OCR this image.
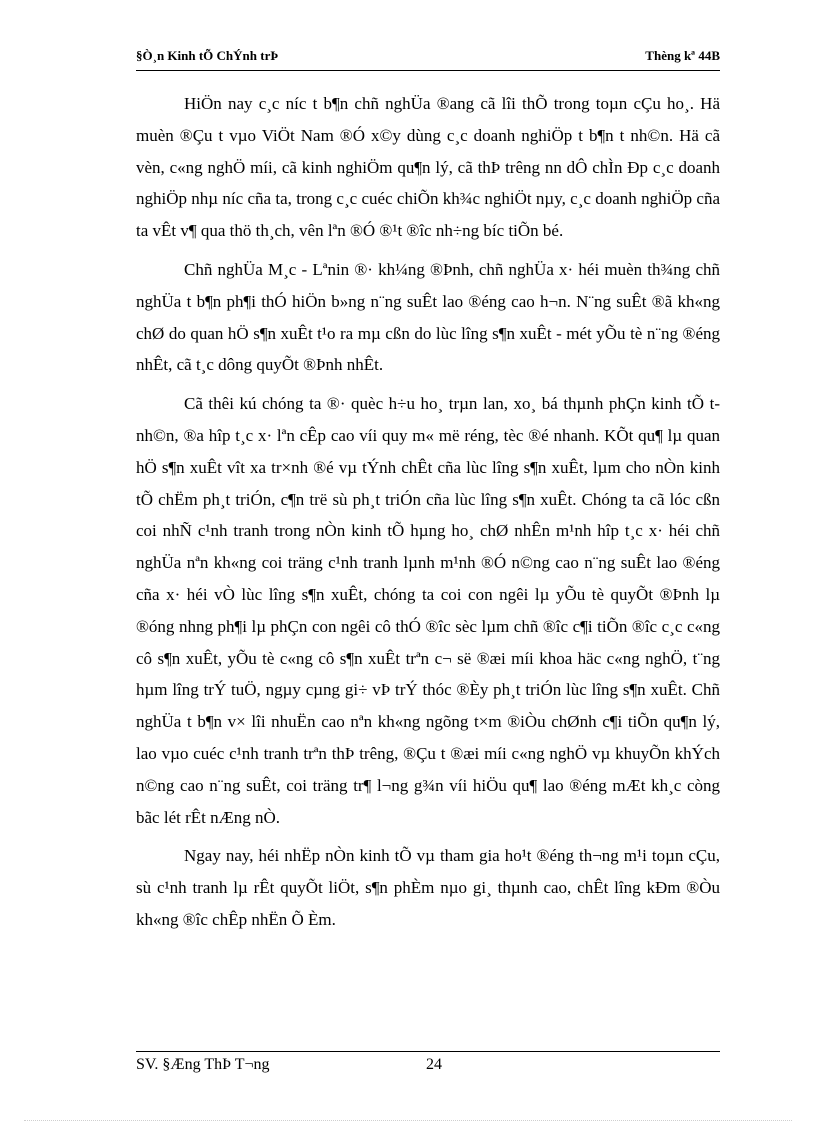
§Ò¸n Kinh tÕ ChÝnh trÞ	Thèng kª 44B

HiÖn nay c¸c níc t b¶n chñ nghÜa ®ang cã lîi thÕ trong toµn cÇu ho¸. Hä muèn ®Çu t vµo ViÖt Nam ®Ó x©y dùng c¸c doanh nghiÖp t b¶n t nh©n. Hä cã vèn, c«ng nghÖ míi, cã kinh nghiÖm qu¶n lý, cã thÞ trêng nn dÔ chÌn Ðp c¸c doanh nghiÖp nhµ níc cña ta, trong c¸c cuéc chiÕn kh¾c nghiÖt nµy, c¸c doanh nghiÖp cña ta vÊt v¶ qua thö th¸ch, vên lªn ®Ó ®¹t ®îc nh÷ng bíc tiÕn bé.

Chñ nghÜa M¸c - Lªnin ®· kh¼ng ®Þnh, chñ nghÜa x· héi muèn th¾ng chñ nghÜa t b¶n ph¶i thÓ hiÖn b»ng n¨ng suÊt lao ®éng cao h¬n. N¨ng suÊt ®ã kh«ng chØ do quan hÖ s¶n xuÊt t¹o ra mµ cßn do lùc lîng s¶n xuÊt - mét yÕu tè n¨ng ®éng nhÊt, cã t¸c dông quyÕt ®Þnh nhÊt.

Cã thêi kú chóng ta ®· quèc h÷u ho¸ trµn lan, xo¸ bá thµnh phÇn kinh tÕ t nh©n, ®a hîp t¸c x· lªn cÊp cao víi quy m« më réng, tèc ®é nhanh. KÕt qu¶ lµ quan hÖ s¶n xuÊt vît xa tr×nh ®é vµ tÝnh chÊt cña lùc lîng s¶n xuÊt, lµm cho nÒn kinh tÕ chËm ph¸t triÓn, c¶n trë sù ph¸t triÓn cña lùc lîng s¶n xuÊt. Chóng ta cã lóc cßn coi nhÑ c¹nh tranh trong nÒn kinh tÕ hµng ho¸ chØ nhÊn m¹nh hîp t¸c x· héi chñ nghÜa nªn kh«ng coi träng c¹nh tranh lµnh m¹nh ®Ó n©ng cao n¨ng suÊt lao ®éng cña x· héi vÒ lùc lîng s¶n xuÊt, chóng ta coi con ngêi lµ yÕu tè quyÕt ®Þnh lµ ®óng nhng ph¶i lµ phÇn con ngêi cô thÓ ®îc sèc lµm chñ ®îc c¶i tiÕn ®îc c¸c c«ng cô s¶n xuÊt, yÕu tè c«ng cô s¶n xuÊt trªn c¬ së ®æi míi khoa häc c«ng nghÖ, t¨ng hµm lîng trÝ tuÖ, ngµy cµng gi÷ vÞ trÝ thóc ®Èy ph¸t triÓn lùc lîng s¶n xuÊt. Chñ nghÜa t b¶n v× lîi nhuËn cao nªn kh«ng ngõng t×m ®iÒu chØnh c¶i tiÕn qu¶n lý, lao vµo cuéc c¹nh tranh trªn thÞ trêng, ®Çu t ®æi míi c«ng nghÖ vµ khuyÕn khÝch n©ng cao n¨ng suÊt, coi träng tr¶ l¬ng g¾n víi hiÖu qu¶ lao ®éng mÆt kh¸c còng bãc lét rÊt nÆng nÒ.

Ngay nay, héi nhËp nÒn kinh tÕ vµ tham gia ho¹t ®éng th¬ng m¹i toµn cÇu, sù c¹nh tranh lµ rÊt quyÕt liÖt, s¶n phÈm nµo gi¸ thµnh cao, chÊt lîng kÐm ®Òu kh«ng ®îc chÊp nhËn Õ Èm.

SV. §Æng ThÞ T¬ng	24
